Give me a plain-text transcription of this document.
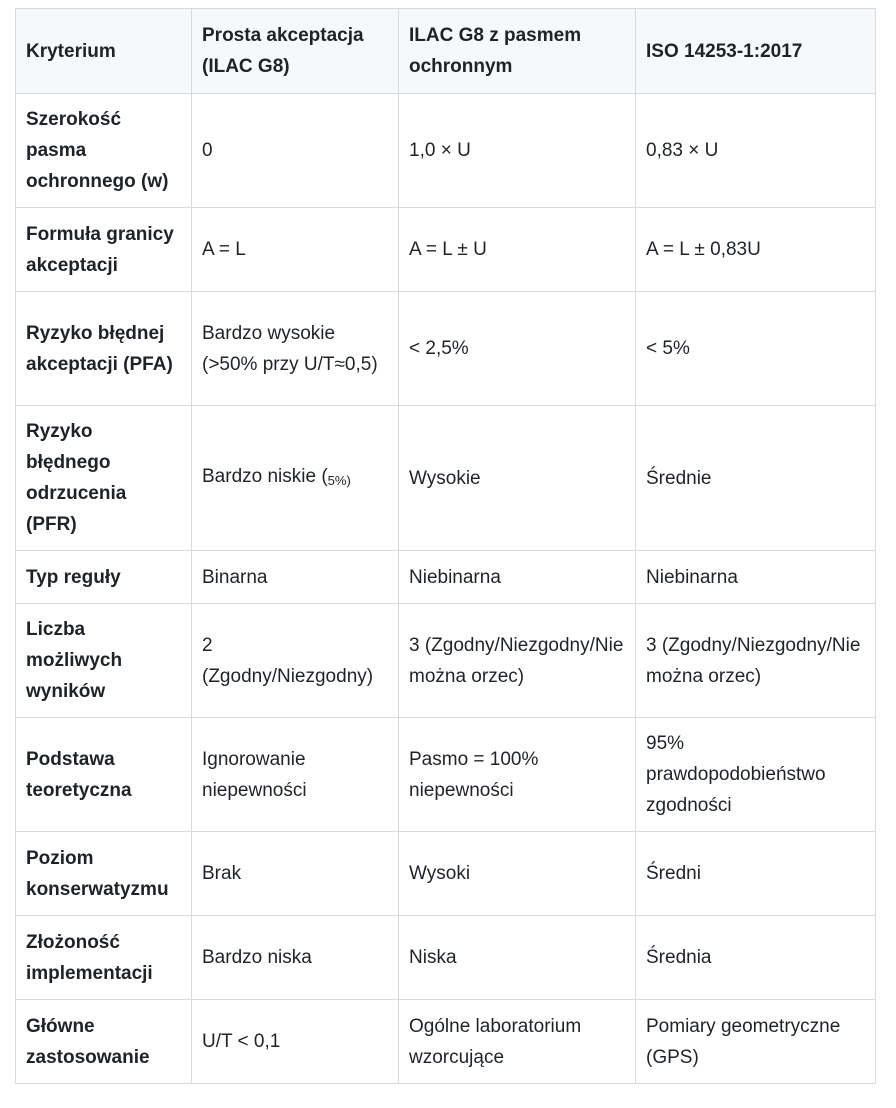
Kryterium	Prosta akceptacja (ILAC G8)	ILAC G8 z pasmem ochronnym	ISO 14253-1:2017
Szerokość pasma ochronnego (w)	0	1,0 × U	0,83 × U
Formuła granicy akceptacji	A = L	A = L ± U	A = L ± 0,83U
Ryzyko błędnej akceptacji (PFA)	Bardzo wysokie (>50% przy U/T≈0,5)	< 2,5%	< 5%
Ryzyko błędnego odrzucenia (PFR)	Bardzo niskie ($_{5\%)}$	Wysokie	Średnie
Typ reguły	Binarna	Niebinarna	Niebinarna
Liczba możliwych wyników	2 (Zgodny/Niezgodny)	3 (Zgodny/Niezgodny/Nie można orzec)	3 (Zgodny/Niezgodny/Nie można orzec)
Podstawa teoretyczna	Ignorowanie niepewności	Pasmo = 100% niepewności	95% prawdopodobieństwo zgodności
Poziom konserwatyzmu	Brak	Wysoki	Średni
Złożoność implementacji	Bardzo niska	Niska	Średnia
Główne zastosowanie	U/T < 0,1	Ogólne laboratorium wzorcujące	Pomiary geometryczne (GPS)
